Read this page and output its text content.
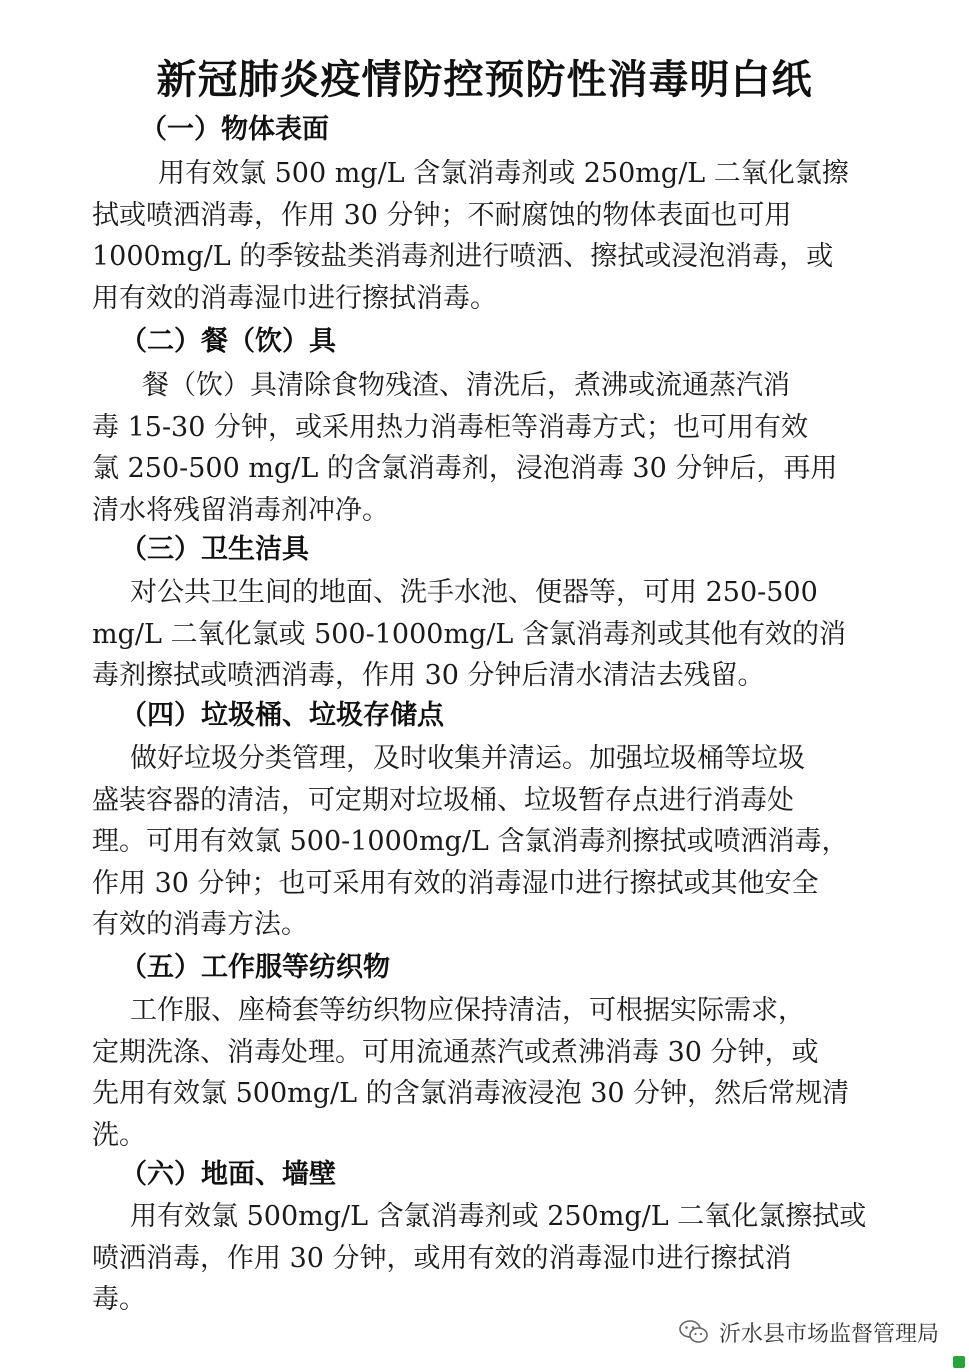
新冠肺炎疫情防控预防性消毒明白纸
（一）物体表面
用有效氯 500 mg/L 含氯消毒剂或 250mg/L 二氧化氯擦
拭或喷洒消毒，作用 30 分钟；不耐腐蚀的物体表面也可用
1000mg/L 的季铵盐类消毒剂进行喷洒、擦拭或浸泡消毒，或
用有效的消毒湿巾进行擦拭消毒。
（二）餐（饮）具
餐（饮）具清除食物残渣、清洗后，煮沸或流通蒸汽消
毒 15-30 分钟，或采用热力消毒柜等消毒方式；也可用有效
氯 250-500 mg/L 的含氯消毒剂，浸泡消毒 30 分钟后，再用
清水将残留消毒剂冲净。
（三）卫生洁具
对公共卫生间的地面、洗手水池、便器等，可用 250-500
mg/L 二氧化氯或 500-1000mg/L 含氯消毒剂或其他有效的消
毒剂擦拭或喷洒消毒，作用 30 分钟后清水清洁去残留。
（四）垃圾桶、垃圾存储点
做好垃圾分类管理，及时收集并清运。加强垃圾桶等垃圾
盛装容器的清洁，可定期对垃圾桶、垃圾暂存点进行消毒处
理。可用有效氯 500-1000mg/L 含氯消毒剂擦拭或喷洒消毒，
作用 30 分钟；也可采用有效的消毒湿巾进行擦拭或其他安全
有效的消毒方法。
（五）工作服等纺织物
工作服、座椅套等纺织物应保持清洁，可根据实际需求，
定期洗涤、消毒处理。可用流通蒸汽或煮沸消毒 30 分钟，或
先用有效氯 500mg/L 的含氯消毒液浸泡 30 分钟，然后常规清
洗。
（六）地面、墙壁
用有效氯 500mg/L 含氯消毒剂或 250mg/L 二氧化氯擦拭或
喷洒消毒，作用 30 分钟，或用有效的消毒湿巾进行擦拭消
毒。
沂水县市场监督管理局
